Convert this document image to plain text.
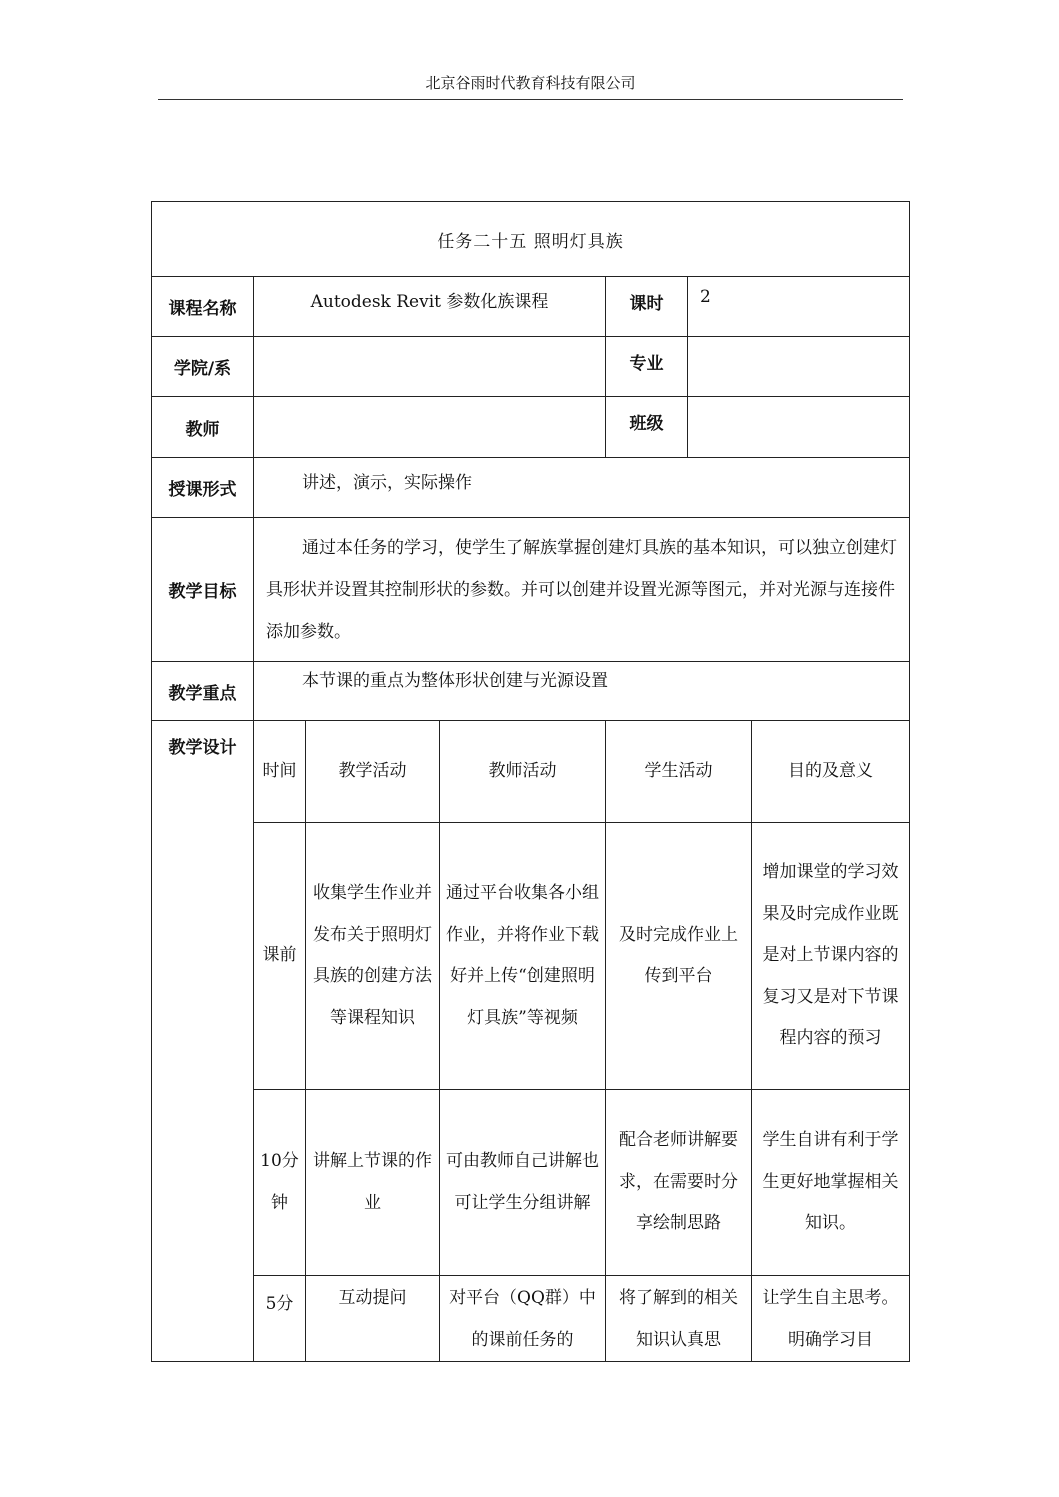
北京谷雨时代教育科技有限公司
任务二十五 照明灯具族						
课程名称	Autodesk Revit 参数化族课程			课时	2	
学院/系				专业		
教师				班级		
授课形式	讲述，演示，实际操作					
教学目标	通过本任务的学习，使学生了解族掌握创建灯具族的基本知识，可以独立创建灯具形状并设置其控制形状的参数。并可以创建并设置光源等图元，并对光源与连接件添加参数。					
教学重点	本节课的重点为整体形状创建与光源设置					
教学设计	时间	教学活动	教师活动	学生活动		目的及意义
	课前	收集学生作业并发布关于照明灯具族的创建方法等课程知识	通过平台收集各小组作业，并将作业下载好并上传“创建照明灯具族”等视频	及时完成作业上传到平台		增加课堂的学习效果及时完成作业既是对上节课内容的复习又是对下节课程内容的预习
	10分钟	讲解上节课的作业	可由教师自己讲解也可让学生分组讲解	配合老师讲解要求，在需要时分享绘制思路		学生自讲有利于学生更好地掌握相关知识。
	5分	互动提问	对平台（QQ群）中的课前任务的	将了解到的相关知识认真思		让学生自主思考。明确学习目
